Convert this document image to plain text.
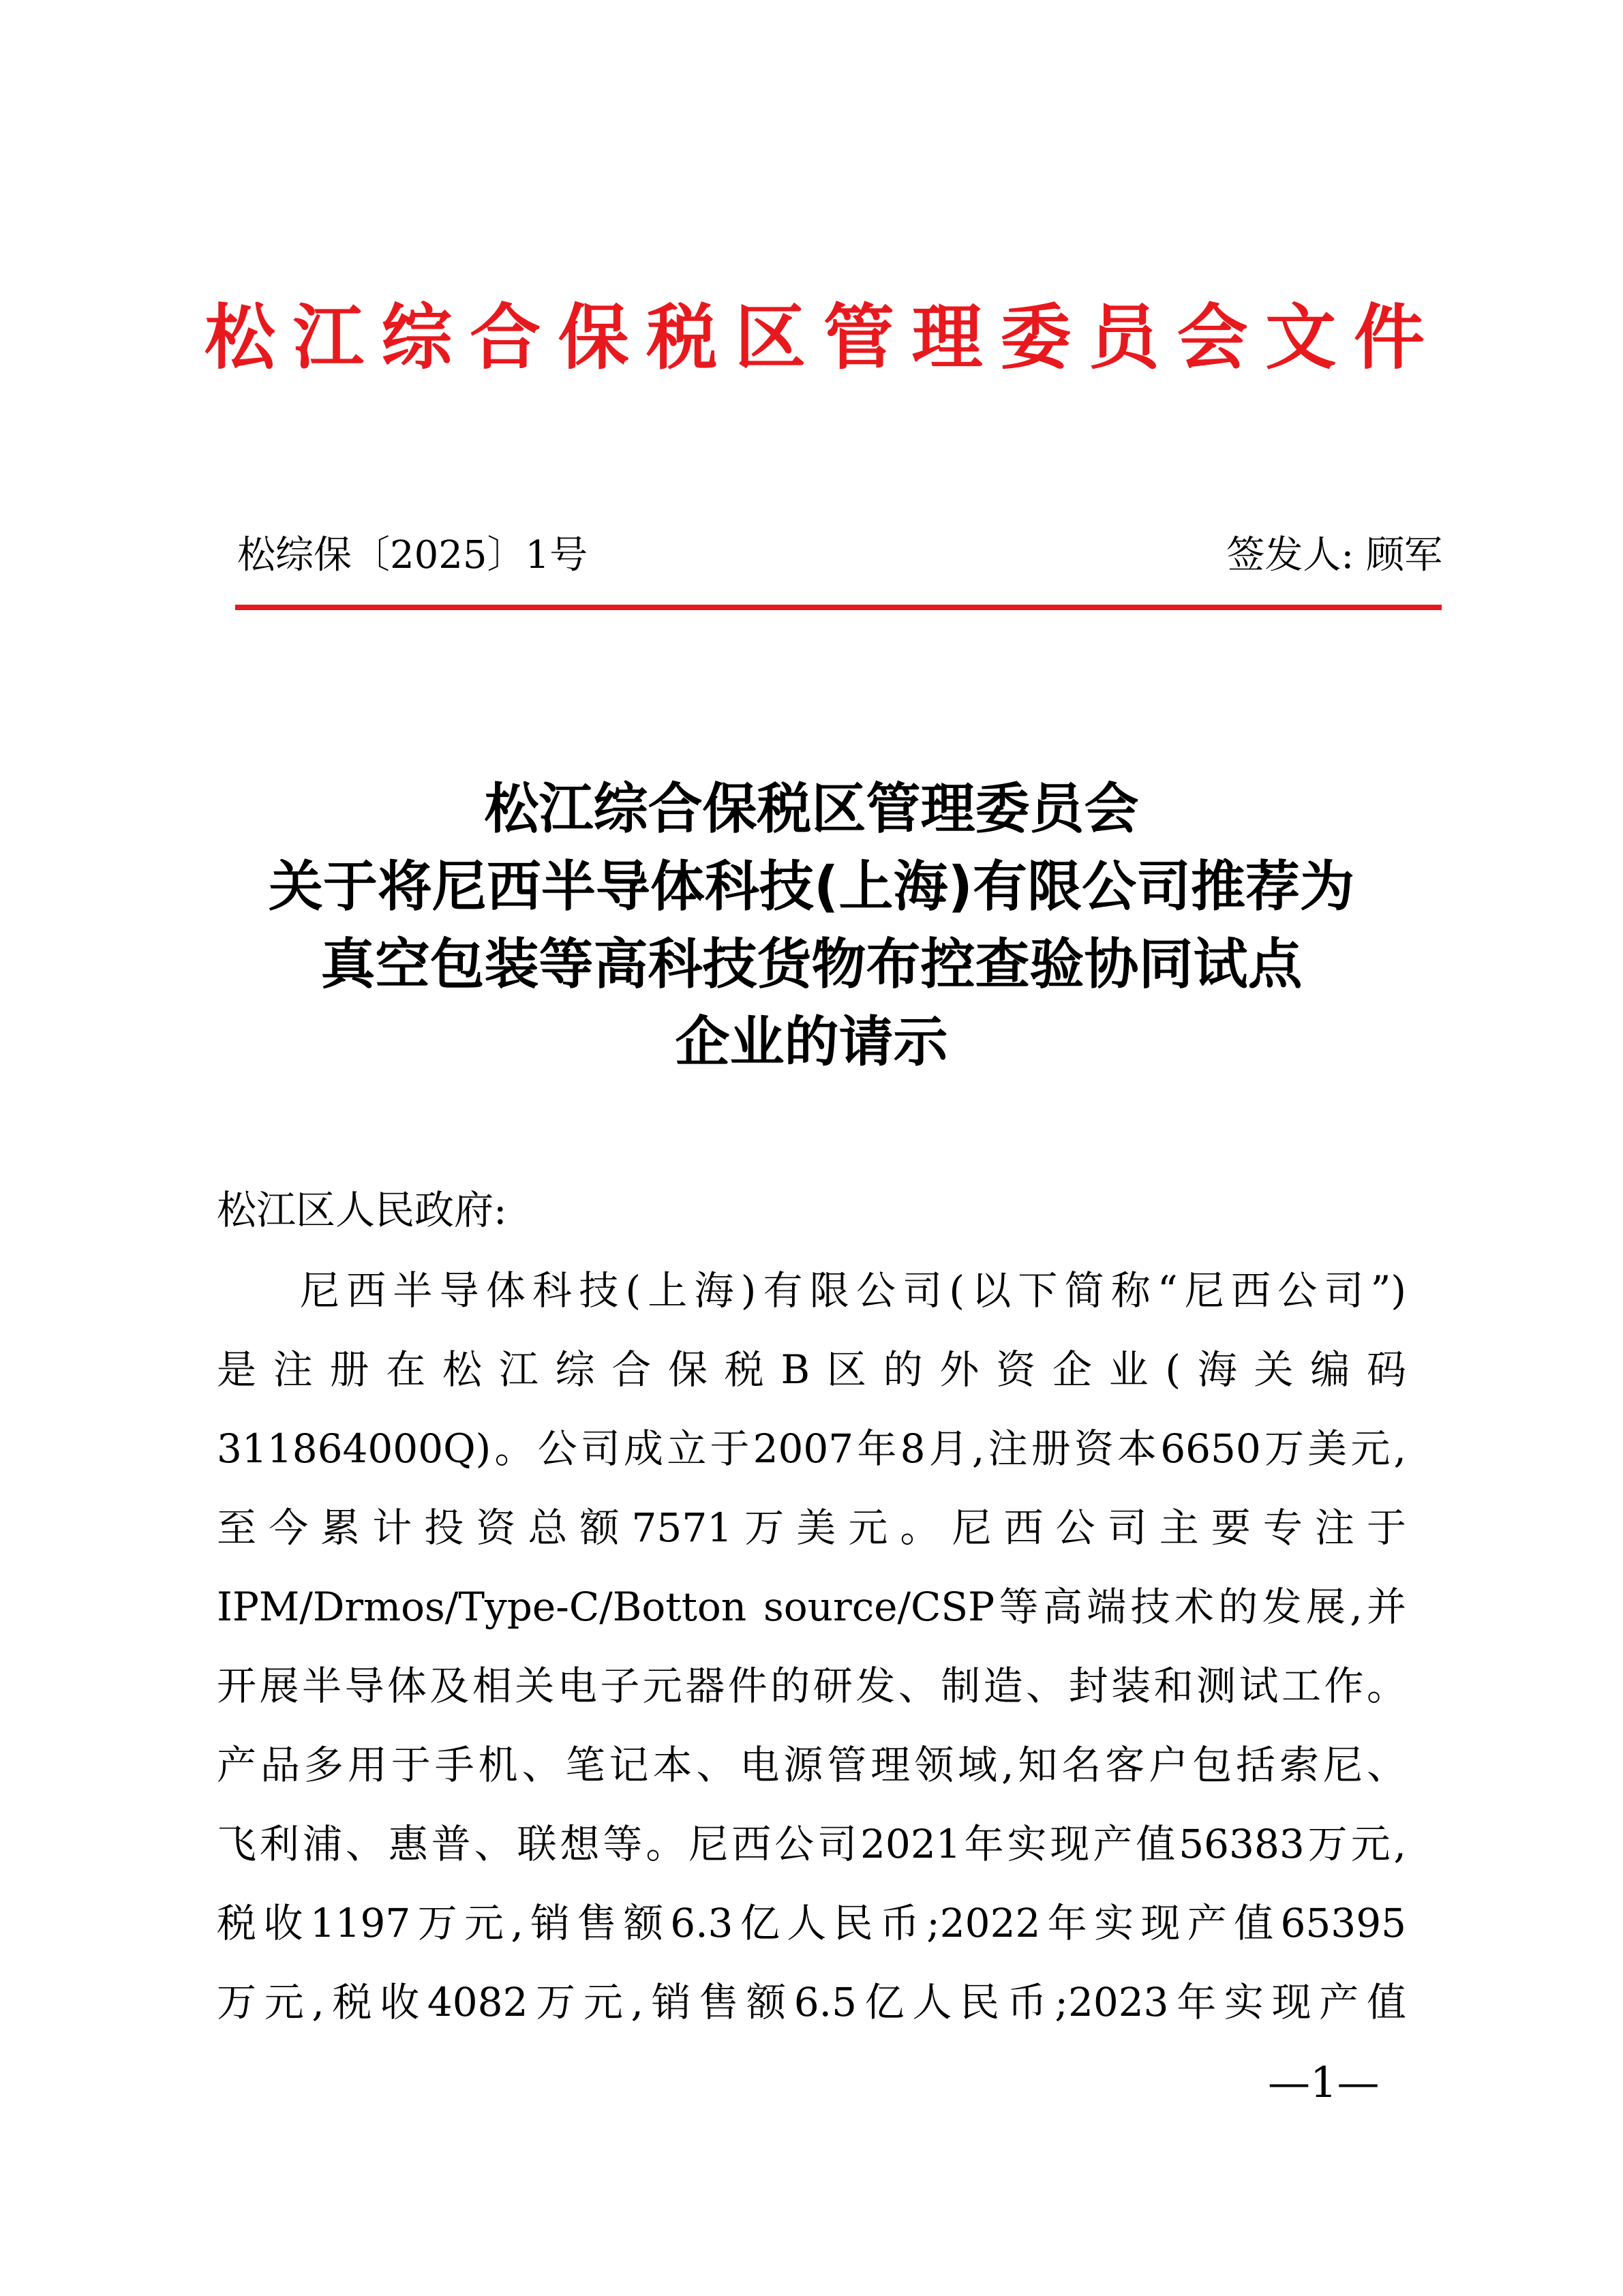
松江综合保税区管理委员会文件
松综保〔2025〕1号	签发人: 顾军
松江综合保税区管理委员会
关于将尼西半导体科技(上海)有限公司推荐为
真空包装等高科技货物布控查验协同试点
企业的请示
松江区人民政府:
尼西半导体科技(上海)有限公司(以下简称“尼西公司”)
是注册在松江综合保税B区的外资企业(海关编码
311864000Q)。公司成立于2007年8月,注册资本6650万美元,
至今累计投资总额7571万美元。尼西公司主要专注于
IPM/Drmos/Type-C/Botton source/CSP等高端技术的发展,并
开展半导体及相关电子元器件的研发、制造、封装和测试工作。
产品多用于手机、笔记本、电源管理领域,知名客户包括索尼、
飞利浦、惠普、联想等。尼西公司2021年实现产值56383万元,
税收1197万元,销售额6.3亿人民币;2022年实现产值65395
万元,税收4082万元,销售额6.5亿人民币;2023年实现产值
—1—
